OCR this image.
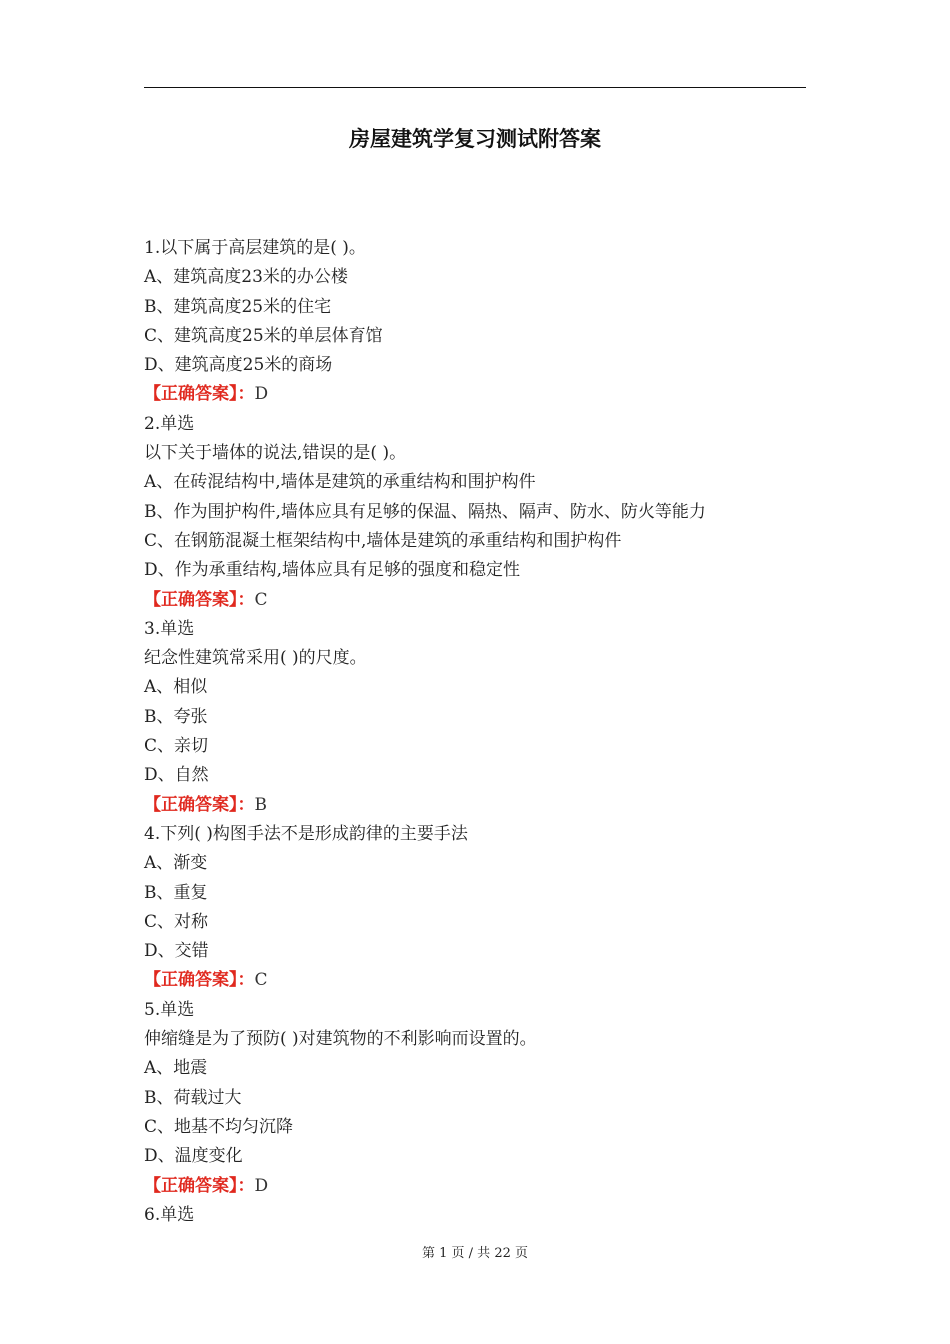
房屋建筑学复习测试附答案
1.以下属于高层建筑的是( )。
A、建筑高度23米的办公楼
B、建筑高度25米的住宅
C、建筑高度25米的单层体育馆
D、建筑高度25米的商场
【正确答案】：D
2.单选
以下关于墙体的说法,错误的是( )。
A、在砖混结构中,墙体是建筑的承重结构和围护构件
B、作为围护构件,墙体应具有足够的保温、隔热、隔声、防水、防火等能力
C、在钢筋混凝土框架结构中,墙体是建筑的承重结构和围护构件
D、作为承重结构,墙体应具有足够的强度和稳定性
【正确答案】：C
3.单选
纪念性建筑常采用( )的尺度。
A、相似
B、夸张
C、亲切
D、自然
【正确答案】：B
4.下列( )构图手法不是形成韵律的主要手法
A、渐变
B、重复
C、对称
D、交错
【正确答案】：C
5.单选
伸缩缝是为了预防( )对建筑物的不利影响而设置的。
A、地震
B、荷载过大
C、地基不均匀沉降
D、温度变化
【正确答案】：D
6.单选
第 1 页 / 共 22 页
